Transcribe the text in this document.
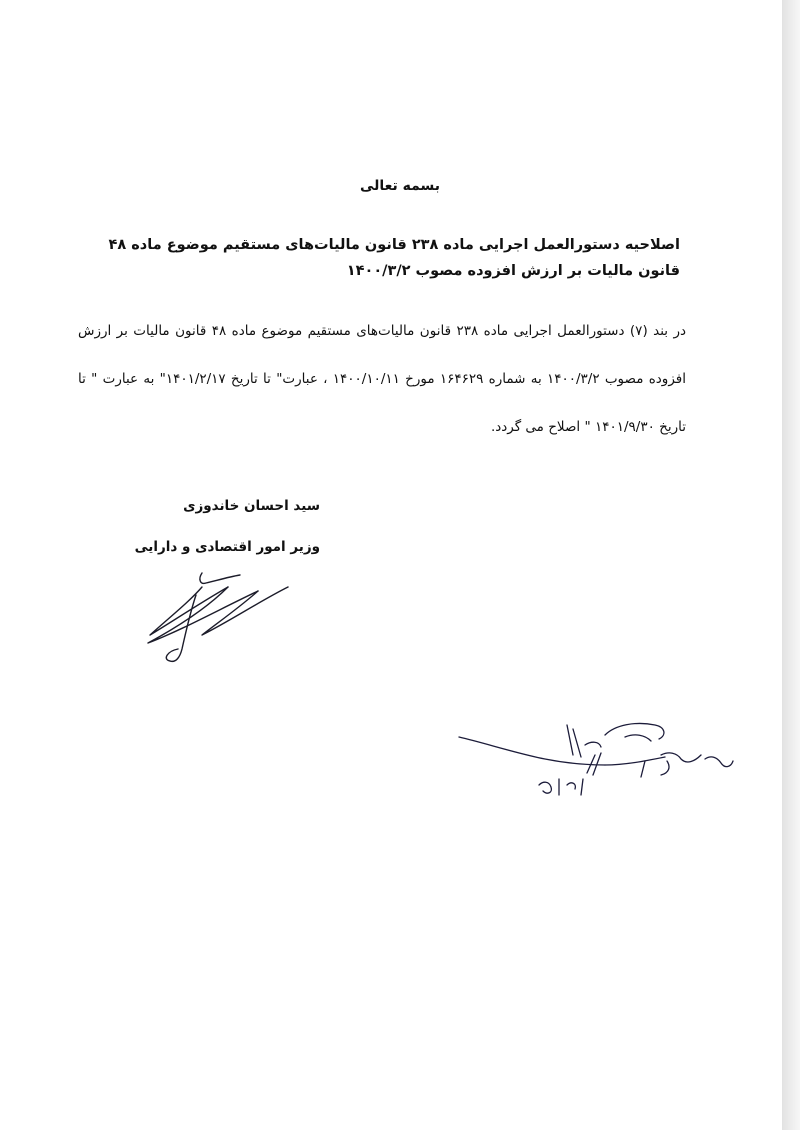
بسمه تعالی
اصلاحیه دستورالعمل اجرایی ماده ۲۳۸ قانون مالیات‌های مستقیم موضوع ماده ۴۸ قانون مالیات بر ارزش افزوده مصوب ۱۴۰۰/۳/۲

در بند (۷) دستورالعمل اجرایی ماده ۲۳۸ قانون مالیات‌های مستقیم موضوع ماده ۴۸ قانون مالیات بر ارزش افزوده مصوب ۱۴۰۰/۳/۲ به شماره ۱۶۴۶۲۹ مورخ ۱۴۰۰/۱۰/۱۱ ، عبارت" تا تاریخ ۱۴۰۱/۲/۱۷" به عبارت " تا تاریخ ۱۴۰۱/۹/۳۰ " اصلاح می گردد.

سید احسان خاندوزی
وزیر امور اقتصادی و دارایی
